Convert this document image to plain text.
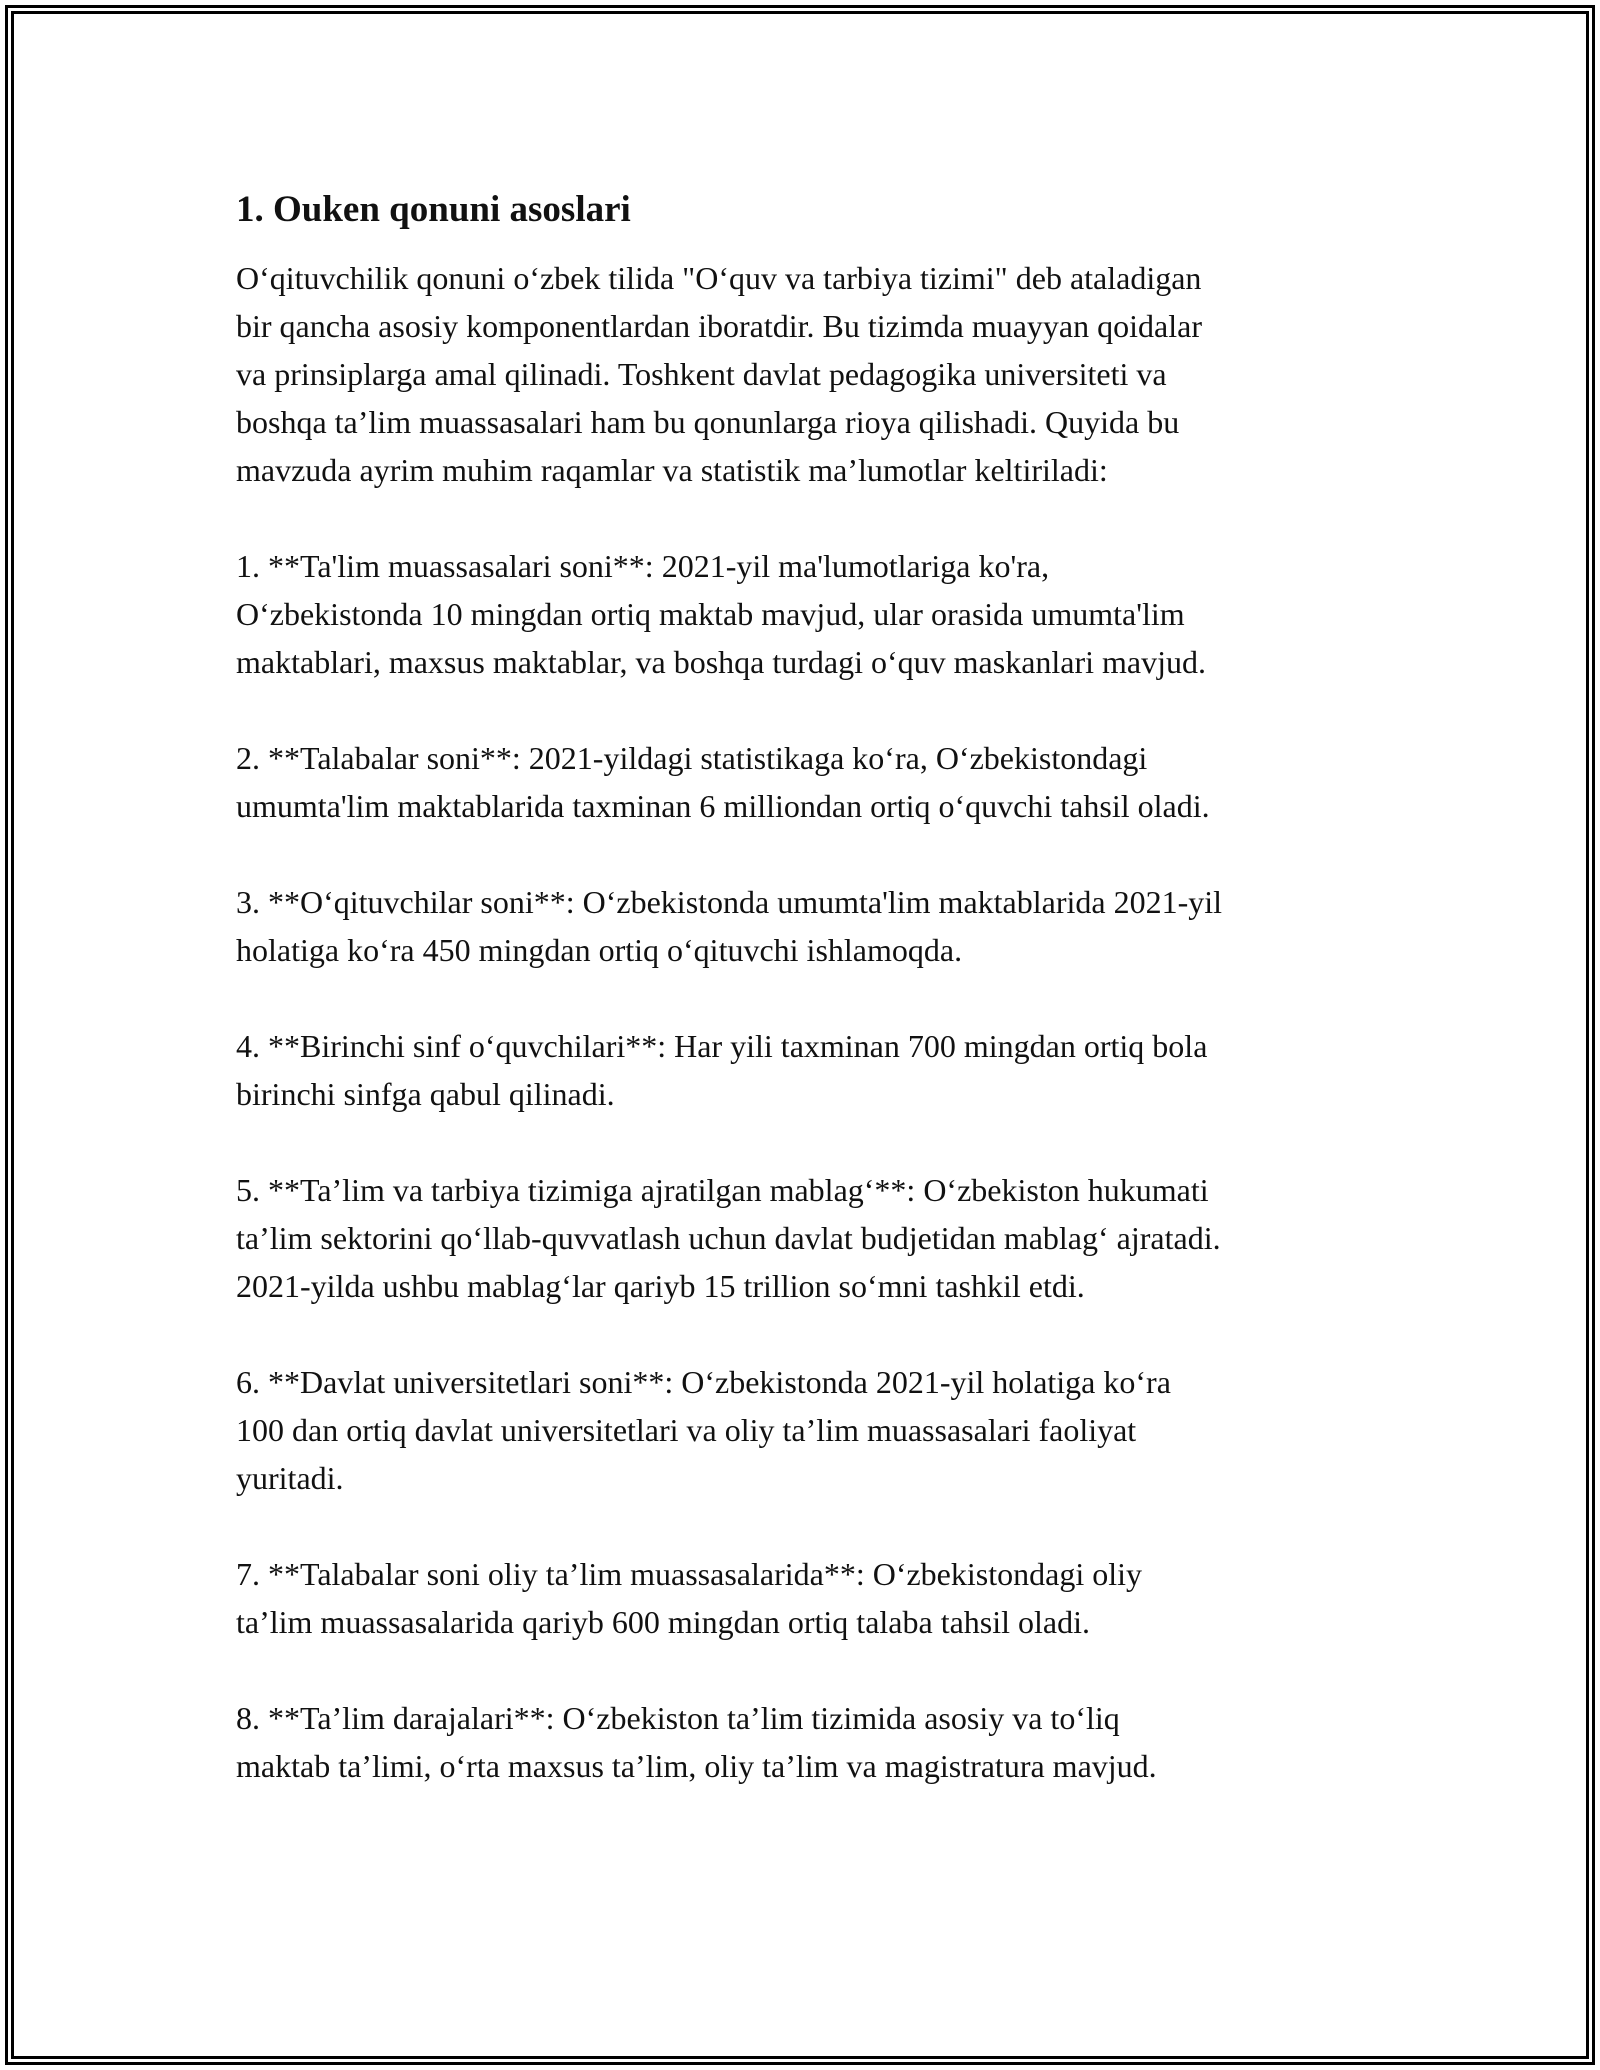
1. Ouken qonuni asoslari

O‘qituvchilik qonuni o‘zbek tilida "O‘quv va tarbiya tizimi" deb ataladigan
bir qancha asosiy komponentlardan iboratdir. Bu tizimda muayyan qoidalar
va prinsiplarga amal qilinadi. Toshkent davlat pedagogika universiteti va
boshqa ta’lim muassasalari ham bu qonunlarga rioya qilishadi. Quyida bu
mavzuda ayrim muhim raqamlar va statistik ma’lumotlar keltiriladi:

1. **Ta'lim muassasalari soni**: 2021-yil ma'lumotlariga ko'ra,
O‘zbekistonda 10 mingdan ortiq maktab mavjud, ular orasida umumta'lim
maktablari, maxsus maktablar, va boshqa turdagi o‘quv maskanlari mavjud.

2. **Talabalar soni**: 2021-yildagi statistikaga ko‘ra, O‘zbekistondagi
umumta'lim maktablarida taxminan 6 milliondan ortiq o‘quvchi tahsil oladi.

3. **O‘qituvchilar soni**: O‘zbekistonda umumta'lim maktablarida 2021-yil
holatiga ko‘ra 450 mingdan ortiq o‘qituvchi ishlamoqda.

4. **Birinchi sinf o‘quvchilari**: Har yili taxminan 700 mingdan ortiq bola
birinchi sinfga qabul qilinadi.

5. **Ta’lim va tarbiya tizimiga ajratilgan mablag‘**: O‘zbekiston hukumati
ta’lim sektorini qo‘llab-quvvatlash uchun davlat budjetidan mablag‘ ajratadi.
2021-yilda ushbu mablag‘lar qariyb 15 trillion so‘mni tashkil etdi.

6. **Davlat universitetlari soni**: O‘zbekistonda 2021-yil holatiga ko‘ra
100 dan ortiq davlat universitetlari va oliy ta’lim muassasalari faoliyat
yuritadi.

7. **Talabalar soni oliy ta’lim muassasalarida**: O‘zbekistondagi oliy
ta’lim muassasalarida qariyb 600 mingdan ortiq talaba tahsil oladi.

8. **Ta’lim darajalari**: O‘zbekiston ta’lim tizimida asosiy va to‘liq
maktab ta’limi, o‘rta maxsus ta’lim, oliy ta’lim va magistratura mavjud.
